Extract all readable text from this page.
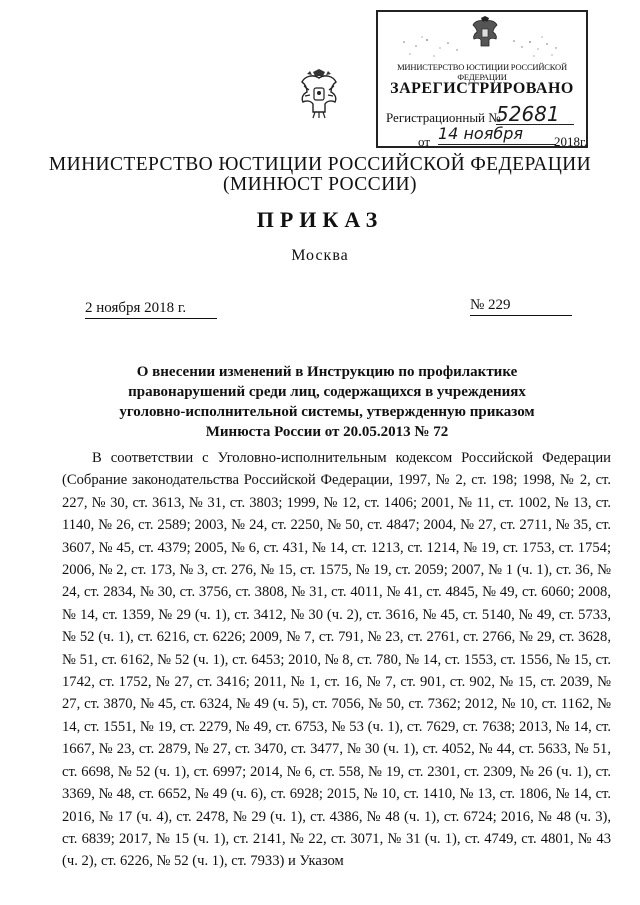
МИНИСТЕРСТВО ЮСТИЦИИ РОССИЙСКОЙ ФЕДЕРАЦИИ
ЗАРЕГИСТРИРОВАНО
Регистрационный №
52681
от 14 ноября	2018г.
МИНИСТЕРСТВО ЮСТИЦИИ РОССИЙСКОЙ ФЕДЕРАЦИИ
(МИНЮСТ РОССИИ)
ПРИКАЗ
Москва
2 ноября 2018 г.	№ 229
О внесении изменений в Инструкцию по профилактике правонарушений среди лиц, содержащихся в учреждениях уголовно-исполнительной системы, утвержденную приказом Минюста России от 20.05.2013 № 72

В соответствии с Уголовно-исполнительным кодексом Российской Федерации (Собрание законодательства Российской Федерации, 1997, № 2, ст. 198; 1998, № 2, ст. 227, № 30, ст. 3613, № 31, ст. 3803; 1999, № 12, ст. 1406; 2001, № 11, ст. 1002, № 13, ст. 1140, № 26, ст. 2589; 2003, № 24, ст. 2250, № 50, ст. 4847; 2004, № 27, ст. 2711, № 35, ст. 3607, № 45, ст. 4379; 2005, № 6, ст. 431, № 14, ст. 1213, ст. 1214, № 19, ст. 1753, ст. 1754; 2006, № 2, ст. 173, № 3, ст. 276, № 15, ст. 1575, № 19, ст. 2059; 2007, № 1 (ч. 1), ст. 36, № 24, ст. 2834, № 30, ст. 3756, ст. 3808, № 31, ст. 4011, № 41, ст. 4845, № 49, ст. 6060; 2008, № 14, ст. 1359, № 29 (ч. 1), ст. 3412, № 30 (ч. 2), ст. 3616, № 45, ст. 5140, № 49, ст. 5733, № 52 (ч. 1), ст. 6216, ст. 6226; 2009, № 7, ст. 791, № 23, ст. 2761, ст. 2766, № 29, ст. 3628, № 51, ст. 6162, № 52 (ч. 1), ст. 6453; 2010, № 8, ст. 780, № 14, ст. 1553, ст. 1556, № 15, ст. 1742, ст. 1752, № 27, ст. 3416; 2011, № 1, ст. 16, № 7, ст. 901, ст. 902, № 15, ст. 2039, № 27, ст. 3870, № 45, ст. 6324, № 49 (ч. 5), ст. 7056, № 50, ст. 7362; 2012, № 10, ст. 1162, № 14, ст. 1551, № 19, ст. 2279, № 49, ст. 6753, № 53 (ч. 1), ст. 7629, ст. 7638; 2013, № 14, ст. 1667, № 23, ст. 2879, № 27, ст. 3470, ст. 3477, № 30 (ч. 1), ст. 4052, № 44, ст. 5633, № 51, ст. 6698, № 52 (ч. 1), ст. 6997; 2014, № 6, ст. 558, № 19, ст. 2301, ст. 2309, № 26 (ч. 1), ст. 3369, № 48, ст. 6652, № 49 (ч. 6), ст. 6928; 2015, № 10, ст. 1410, № 13, ст. 1806, № 14, ст. 2016, № 17 (ч. 4), ст. 2478, № 29 (ч. 1), ст. 4386, № 48 (ч. 1), ст. 6724; 2016, № 48 (ч. 3), ст. 6839; 2017, № 15 (ч. 1), ст. 2141, № 22, ст. 3071, № 31 (ч. 1), ст. 4749, ст. 4801, № 43 (ч. 2), ст. 6226, № 52 (ч. 1), ст. 7933) и Указом
